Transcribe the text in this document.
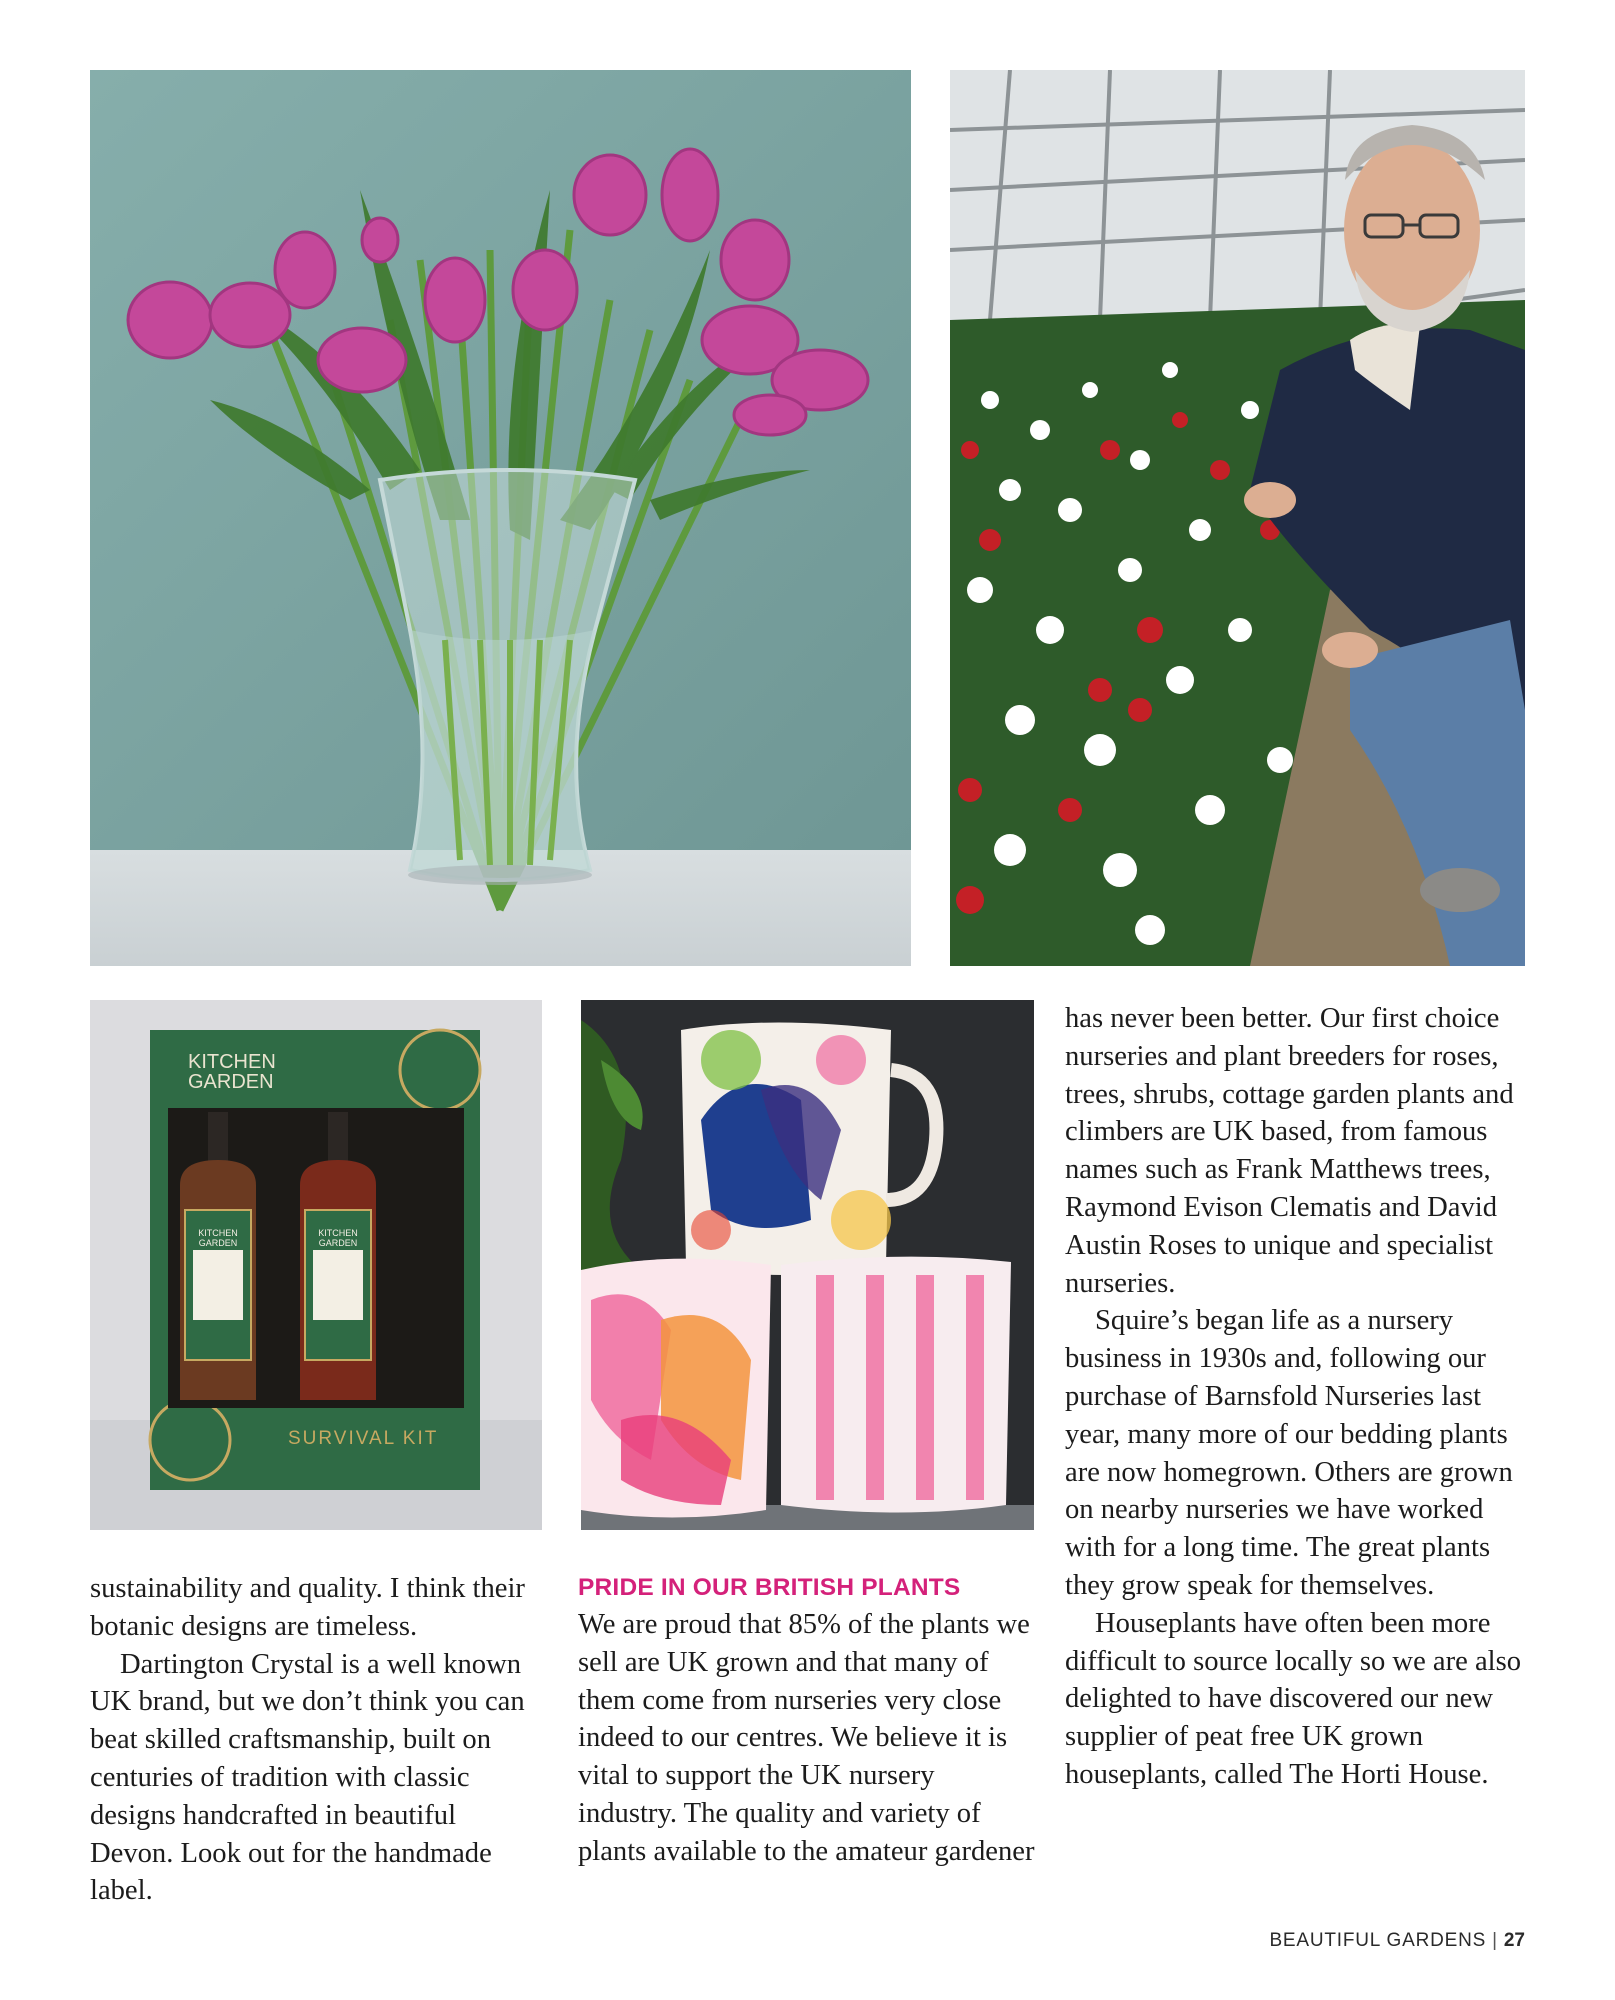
KITCHEN
GARDEN
KITCHEN
GARDEN
KITCHEN
GARDEN
SURVIVAL KIT

sustainability and quality. I think their botanic designs are timeless.

Dartington Crystal is a well known UK brand, but we don’t think you can beat skilled craftsmanship, built on centuries of tradition with classic designs handcrafted in beautiful Devon. Look out for the handmade label.

PRIDE IN OUR BRITISH PLANTS

We are proud that 85% of the plants we sell are UK grown and that many of them come from nurseries very close indeed to our centres. We believe it is vital to support the UK nursery industry. The quality and variety of plants available to the amateur gardener

has never been better. Our first choice nurseries and plant breeders for roses, trees, shrubs, cottage garden plants and climbers are UK based, from famous names such as Frank Matthews trees, Raymond Evison Clematis and David Austin Roses to unique and specialist nurseries.

Squire’s began life as a nursery business in 1930s and, following our purchase of Barnsfold Nurseries last year, many more of our bedding plants are now homegrown. Others are grown on nearby nurseries we have worked with for a long time. The great plants they grow speak for themselves.

Houseplants have often been more difficult to source locally so we are also delighted to have discovered our new supplier of peat free UK grown houseplants, called The Horti House.

BEAUTIFUL GARDENS | 27
